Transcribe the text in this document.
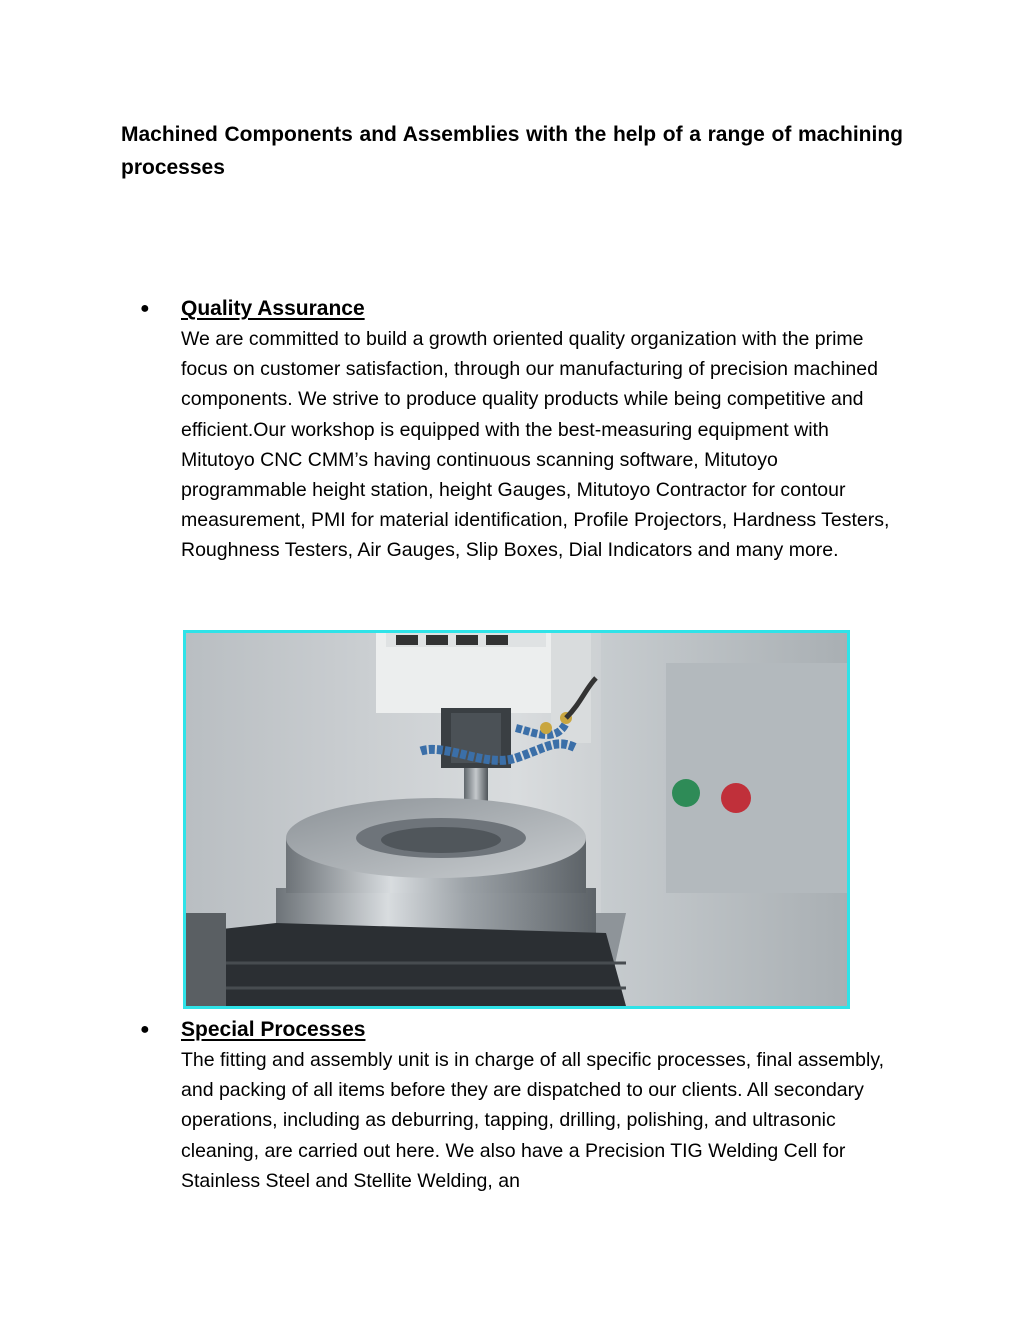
Machined Components and Assemblies with the help of a range of machining processes
● Quality Assurance

We are committed to build a growth oriented quality organization with the prime focus on customer satisfaction, through our manufacturing of precision machined components. We strive to produce quality products while being competitive and efficient.Our workshop is equipped with the best-measuring equipment with Mitutoyo CNC CMM’s having continuous scanning software, Mitutoyo programmable height station, height Gauges, Mitutoyo Contractor for contour measurement, PMI for material identification, Profile Projectors, Hardness Testers, Roughness Testers, Air Gauges, Slip Boxes, Dial Indicators and many more.

● Special Processes

The fitting and assembly unit is in charge of all specific processes, final assembly, and packing of all items before they are dispatched to our clients. All secondary operations, including as deburring, tapping, drilling, polishing, and ultrasonic cleaning, are carried out here. We also have a Precision TIG Welding Cell for Stainless Steel and Stellite Welding, an
